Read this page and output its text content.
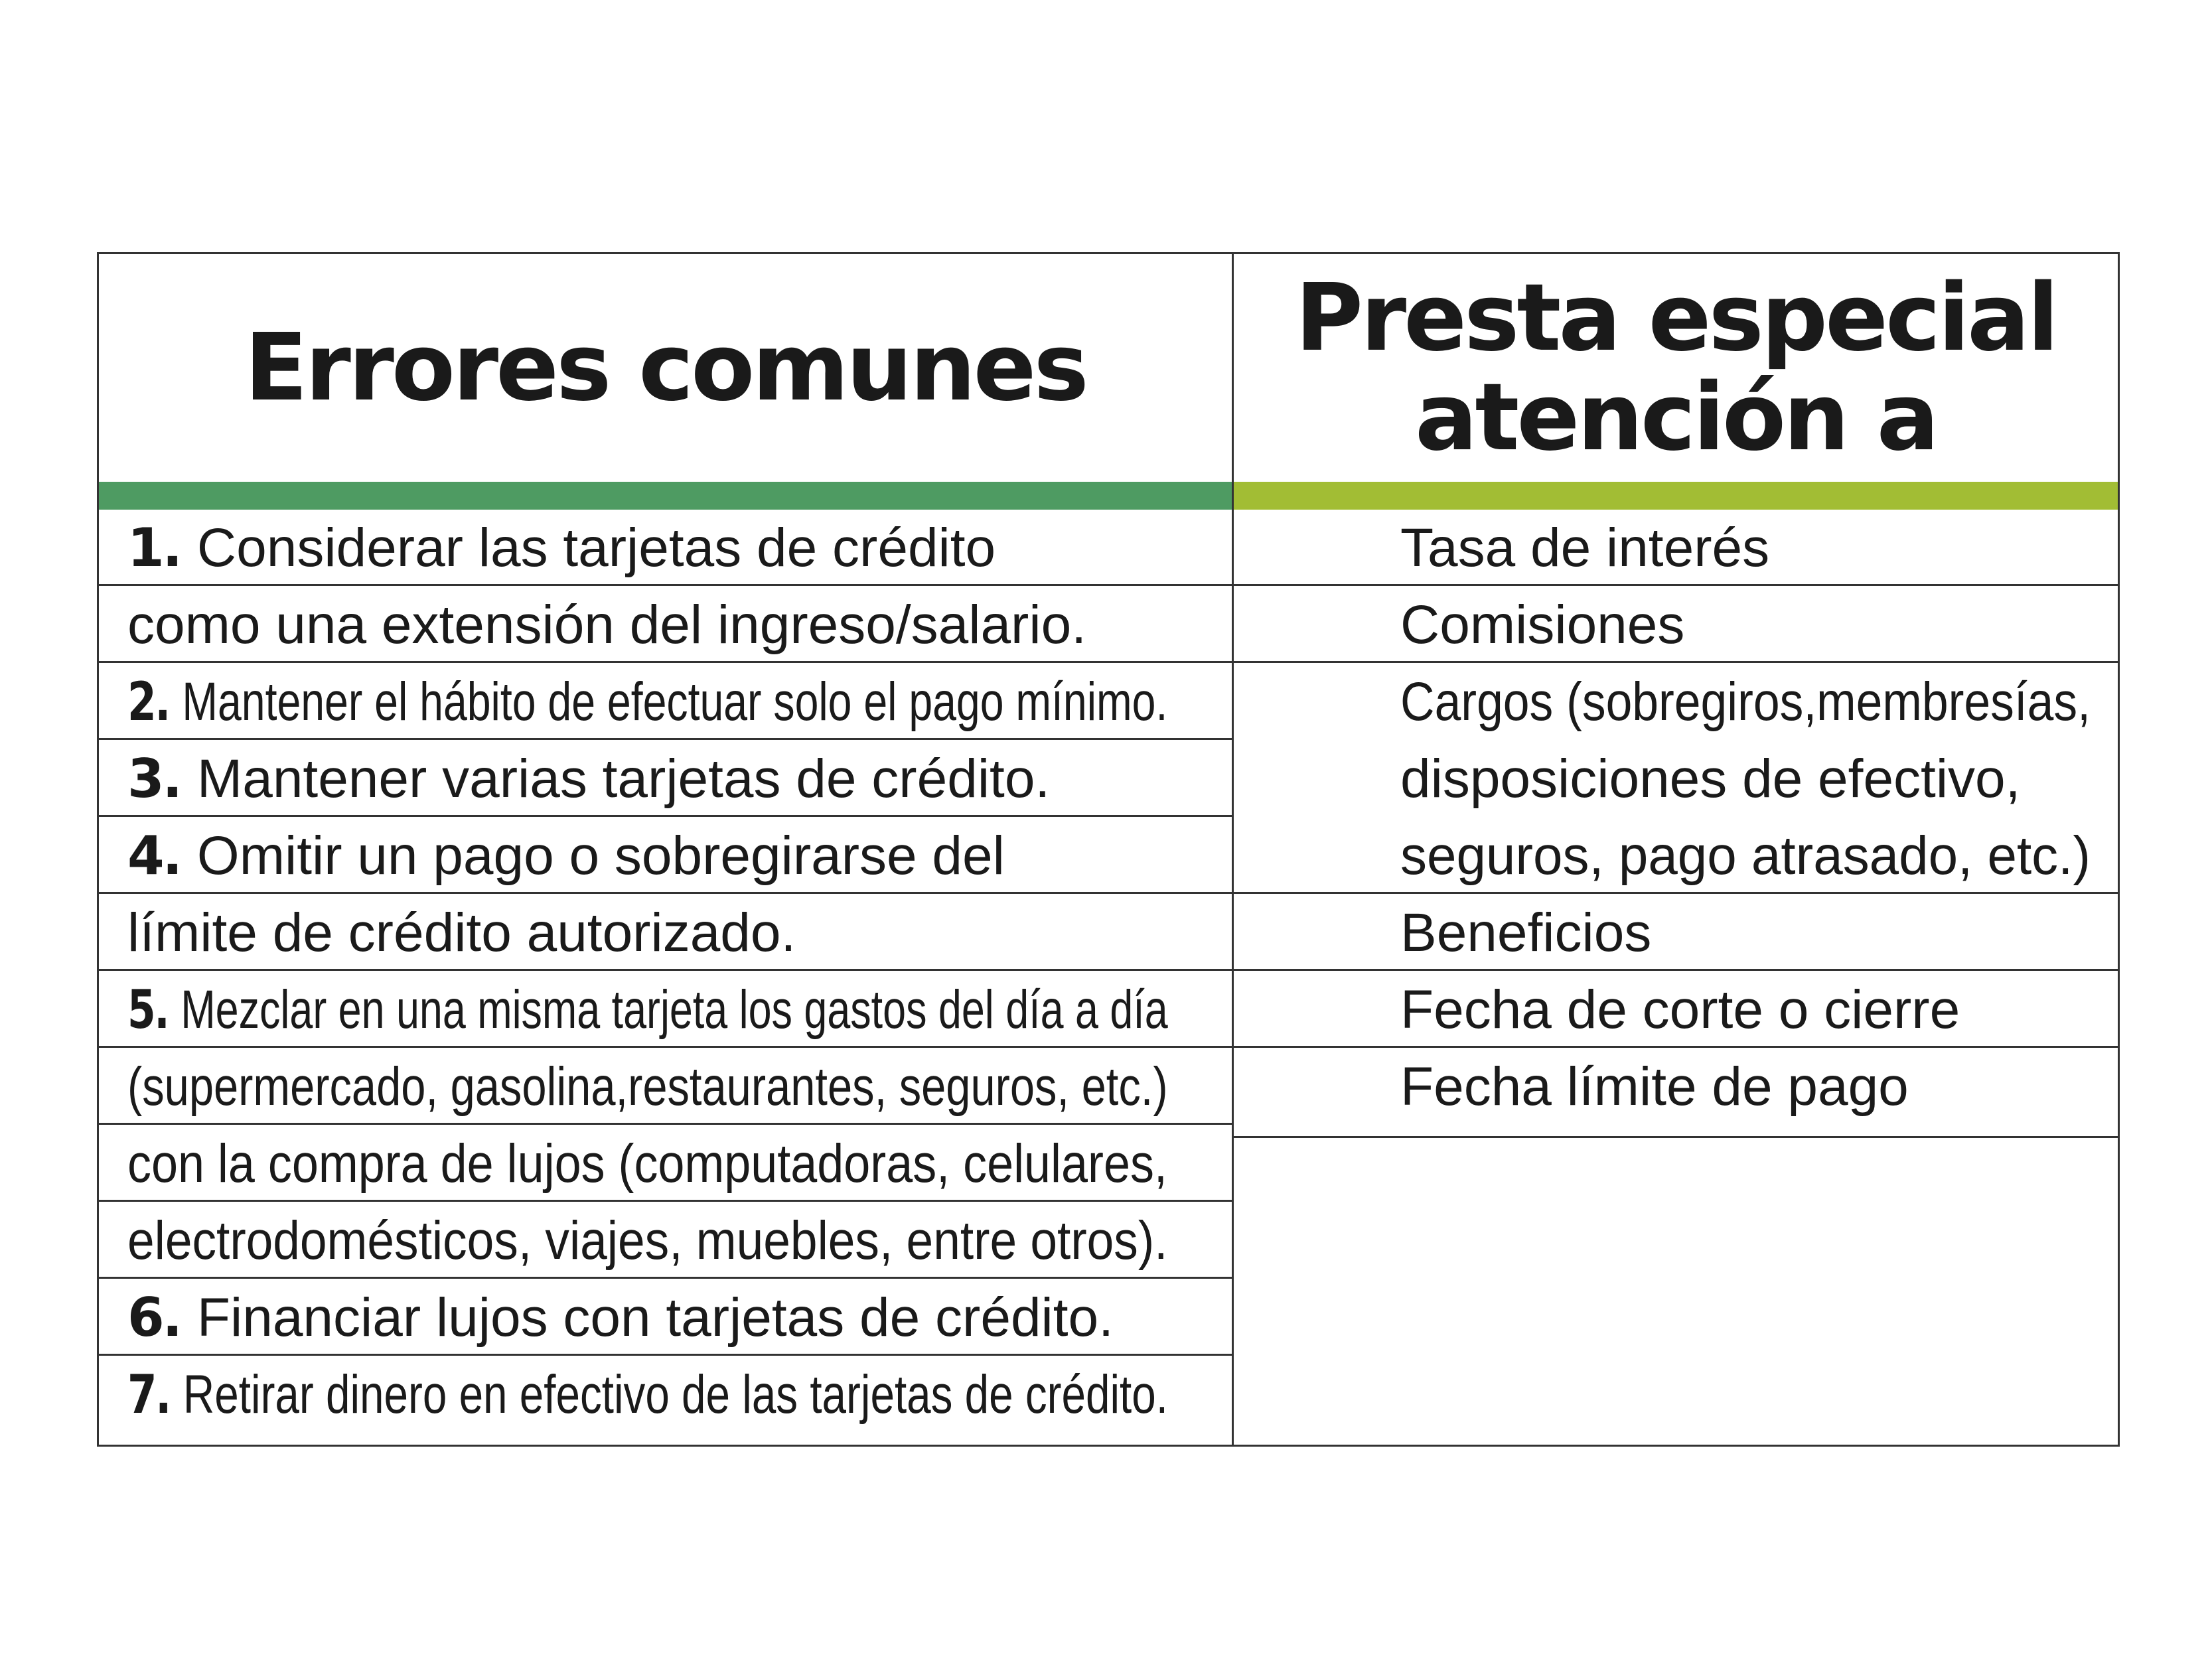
Errores comunes Presta especial
atención a
1. Considerar las tarjetas de crédito
como una extensión del ingreso/salario.
2. Mantener el hábito de efectuar solo el pago mínimo.
3. Mantener varias tarjetas de crédito.
4. Omitir un pago o sobregirarse del
límite de crédito autorizado.
5. Mezclar en una misma tarjeta los gastos del día a día
(supermercado, gasolina,restaurantes, seguros, etc.)
con la compra de lujos (computadoras, celulares,
electrodomésticos, viajes, muebles, entre otros).
6. Financiar lujos con tarjetas de crédito.
7. Retirar dinero en efectivo de las tarjetas de crédito.
Tasa de interés
Comisiones
Cargos (sobregiros,membresías,
disposiciones de efectivo,
seguros, pago atrasado, etc.)
Beneficios
Fecha de corte o cierre
Fecha límite de pago
